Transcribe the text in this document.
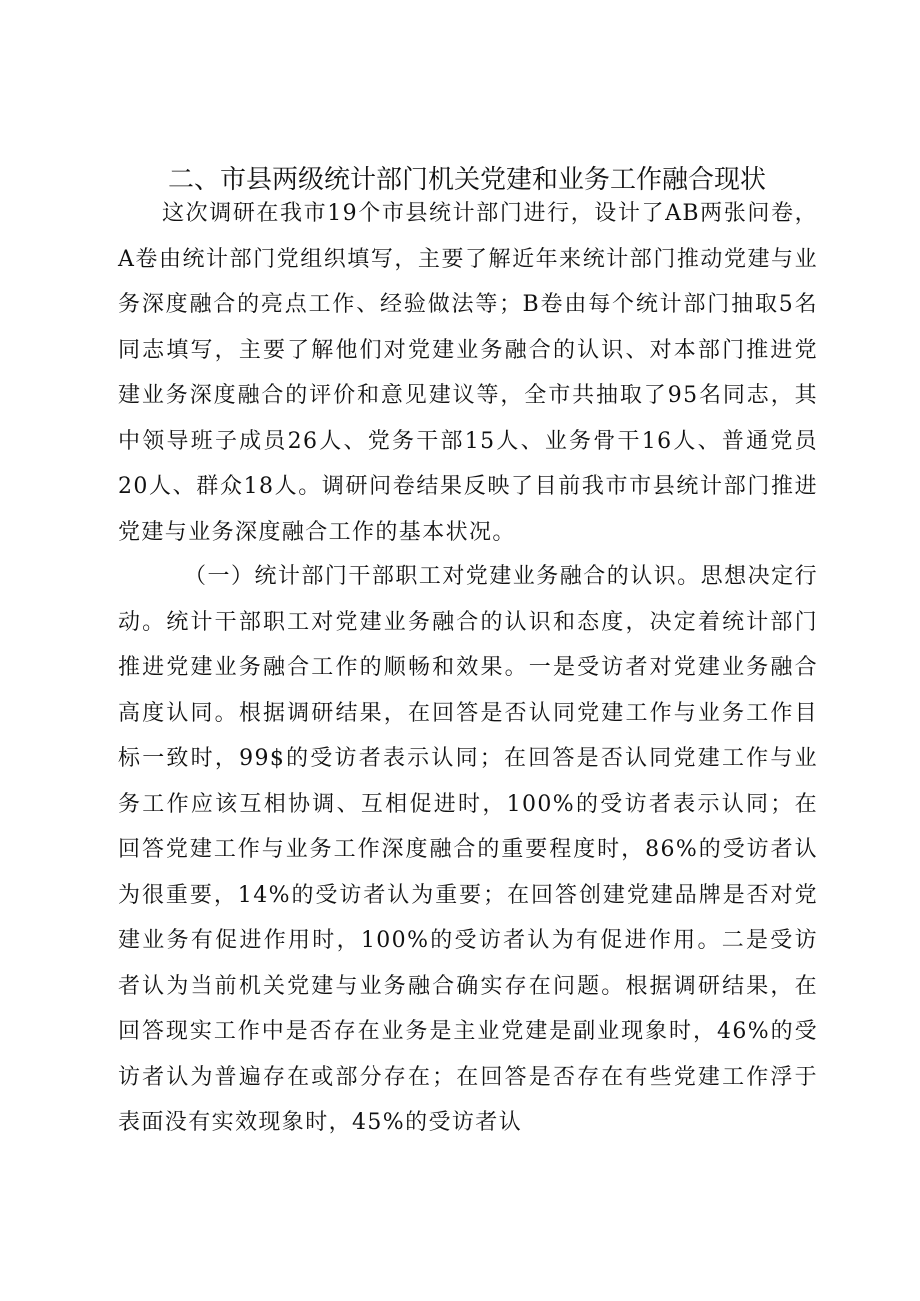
二、市县两级统计部门机关党建和业务工作融合现状

这次调研在我市19个市县统计部门进行，设计了AB两张问卷，A卷由统计部门党组织填写，主要了解近年来统计部门推动党建与业务深度融合的亮点工作、经验做法等；B卷由每个统计部门抽取5名同志填写，主要了解他们对党建业务融合的认识、对本部门推进党建业务深度融合的评价和意见建议等，全市共抽取了95名同志，其中领导班子成员26人、党务干部15人、业务骨干16人、普通党员20人、群众18人。调研问卷结果反映了目前我市市县统计部门推进党建与业务深度融合工作的基本状况。

（一）统计部门干部职工对党建业务融合的认识。思想决定行动。统计干部职工对党建业务融合的认识和态度，决定着统计部门推进党建业务融合工作的顺畅和效果。一是受访者对党建业务融合高度认同。根据调研结果，在回答是否认同党建工作与业务工作目标一致时，99$的受访者表示认同；在回答是否认同党建工作与业务工作应该互相协调、互相促进时，100%的受访者表示认同；在回答党建工作与业务工作深度融合的重要程度时，86%的受访者认为很重要，14%的受访者认为重要；在回答创建党建品牌是否对党建业务有促进作用时，100%的受访者认为有促进作用。二是受访者认为当前机关党建与业务融合确实存在问题。根据调研结果，在回答现实工作中是否存在业务是主业党建是副业现象时，46%的受访者认为普遍存在或部分存在；在回答是否存在有些党建工作浮于表面没有实效现象时，45%的受访者认
